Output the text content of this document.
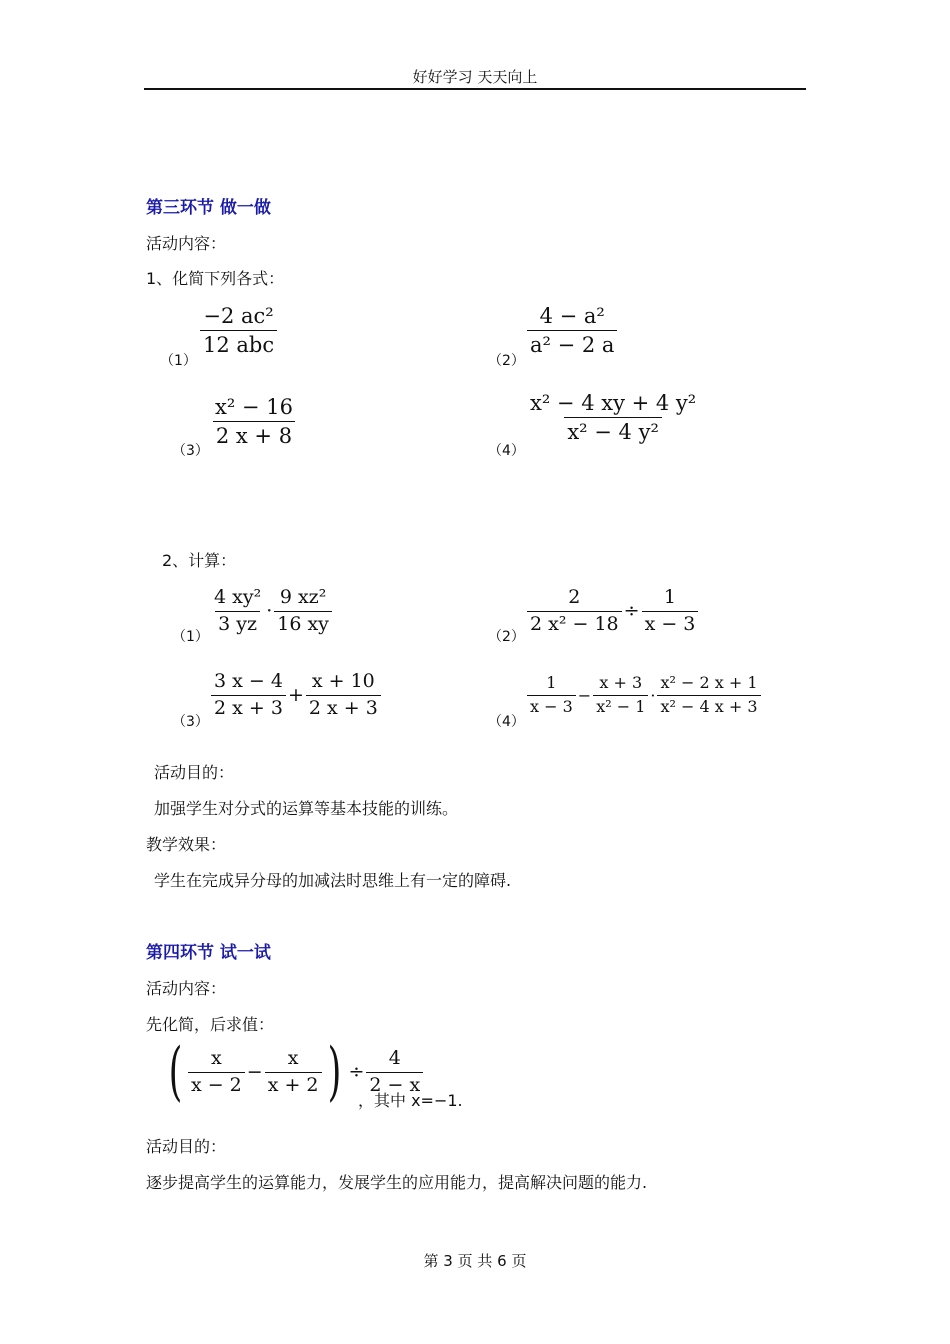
好好学习 天天向上
第三环节 做一做
活动内容：
1、化简下列各式：
（1）
$\frac{\text{−2 ac²}}{\text{12 abc}}$
（2）
$\frac{\text{4 − a²}}{\text{a² − 2 a}}$
（3）
$\frac{\text{x² − 16}}{2 x + 8}$
（4）
$\frac{\text{x² − 4 xy + 4 y²}}{\text{x² − 4 y²}}$
2、计算：
（1）
$\frac{\text{4 xy²}}{3 yz} \cdot \frac{\text{9 xz²}}{16 xy}$
（2）
$\frac{2}{\text{2 x² − 18}} \div \frac{1}{x - 3}$
（3）
$\frac{3 x - 4}{2 x + 3} + \frac{x + 10}{2 x + 3}$
（4）
$\frac{1}{x - 3} - \frac{x + 3}{\text{x² − 1}} \cdot \frac{\text{x² − 2 x + 1}}{\text{x² − 4 x + 3}}$
活动目的：
加强学生对分式的运算等基本技能的训练。
教学效果：
学生在完成异分母的加减法时思维上有一定的障碍.
第四环节 试一试
活动内容：
先化简，后求值：
( $\frac{x}{x - 2} - \frac{x}{x + 2}$ ) ÷ $\frac{4}{2 - x}$
，其中 x=−1.
活动目的：
逐步提高学生的运算能力，发展学生的应用能力，提高解决问题的能力.
第 3 页 共 6 页
